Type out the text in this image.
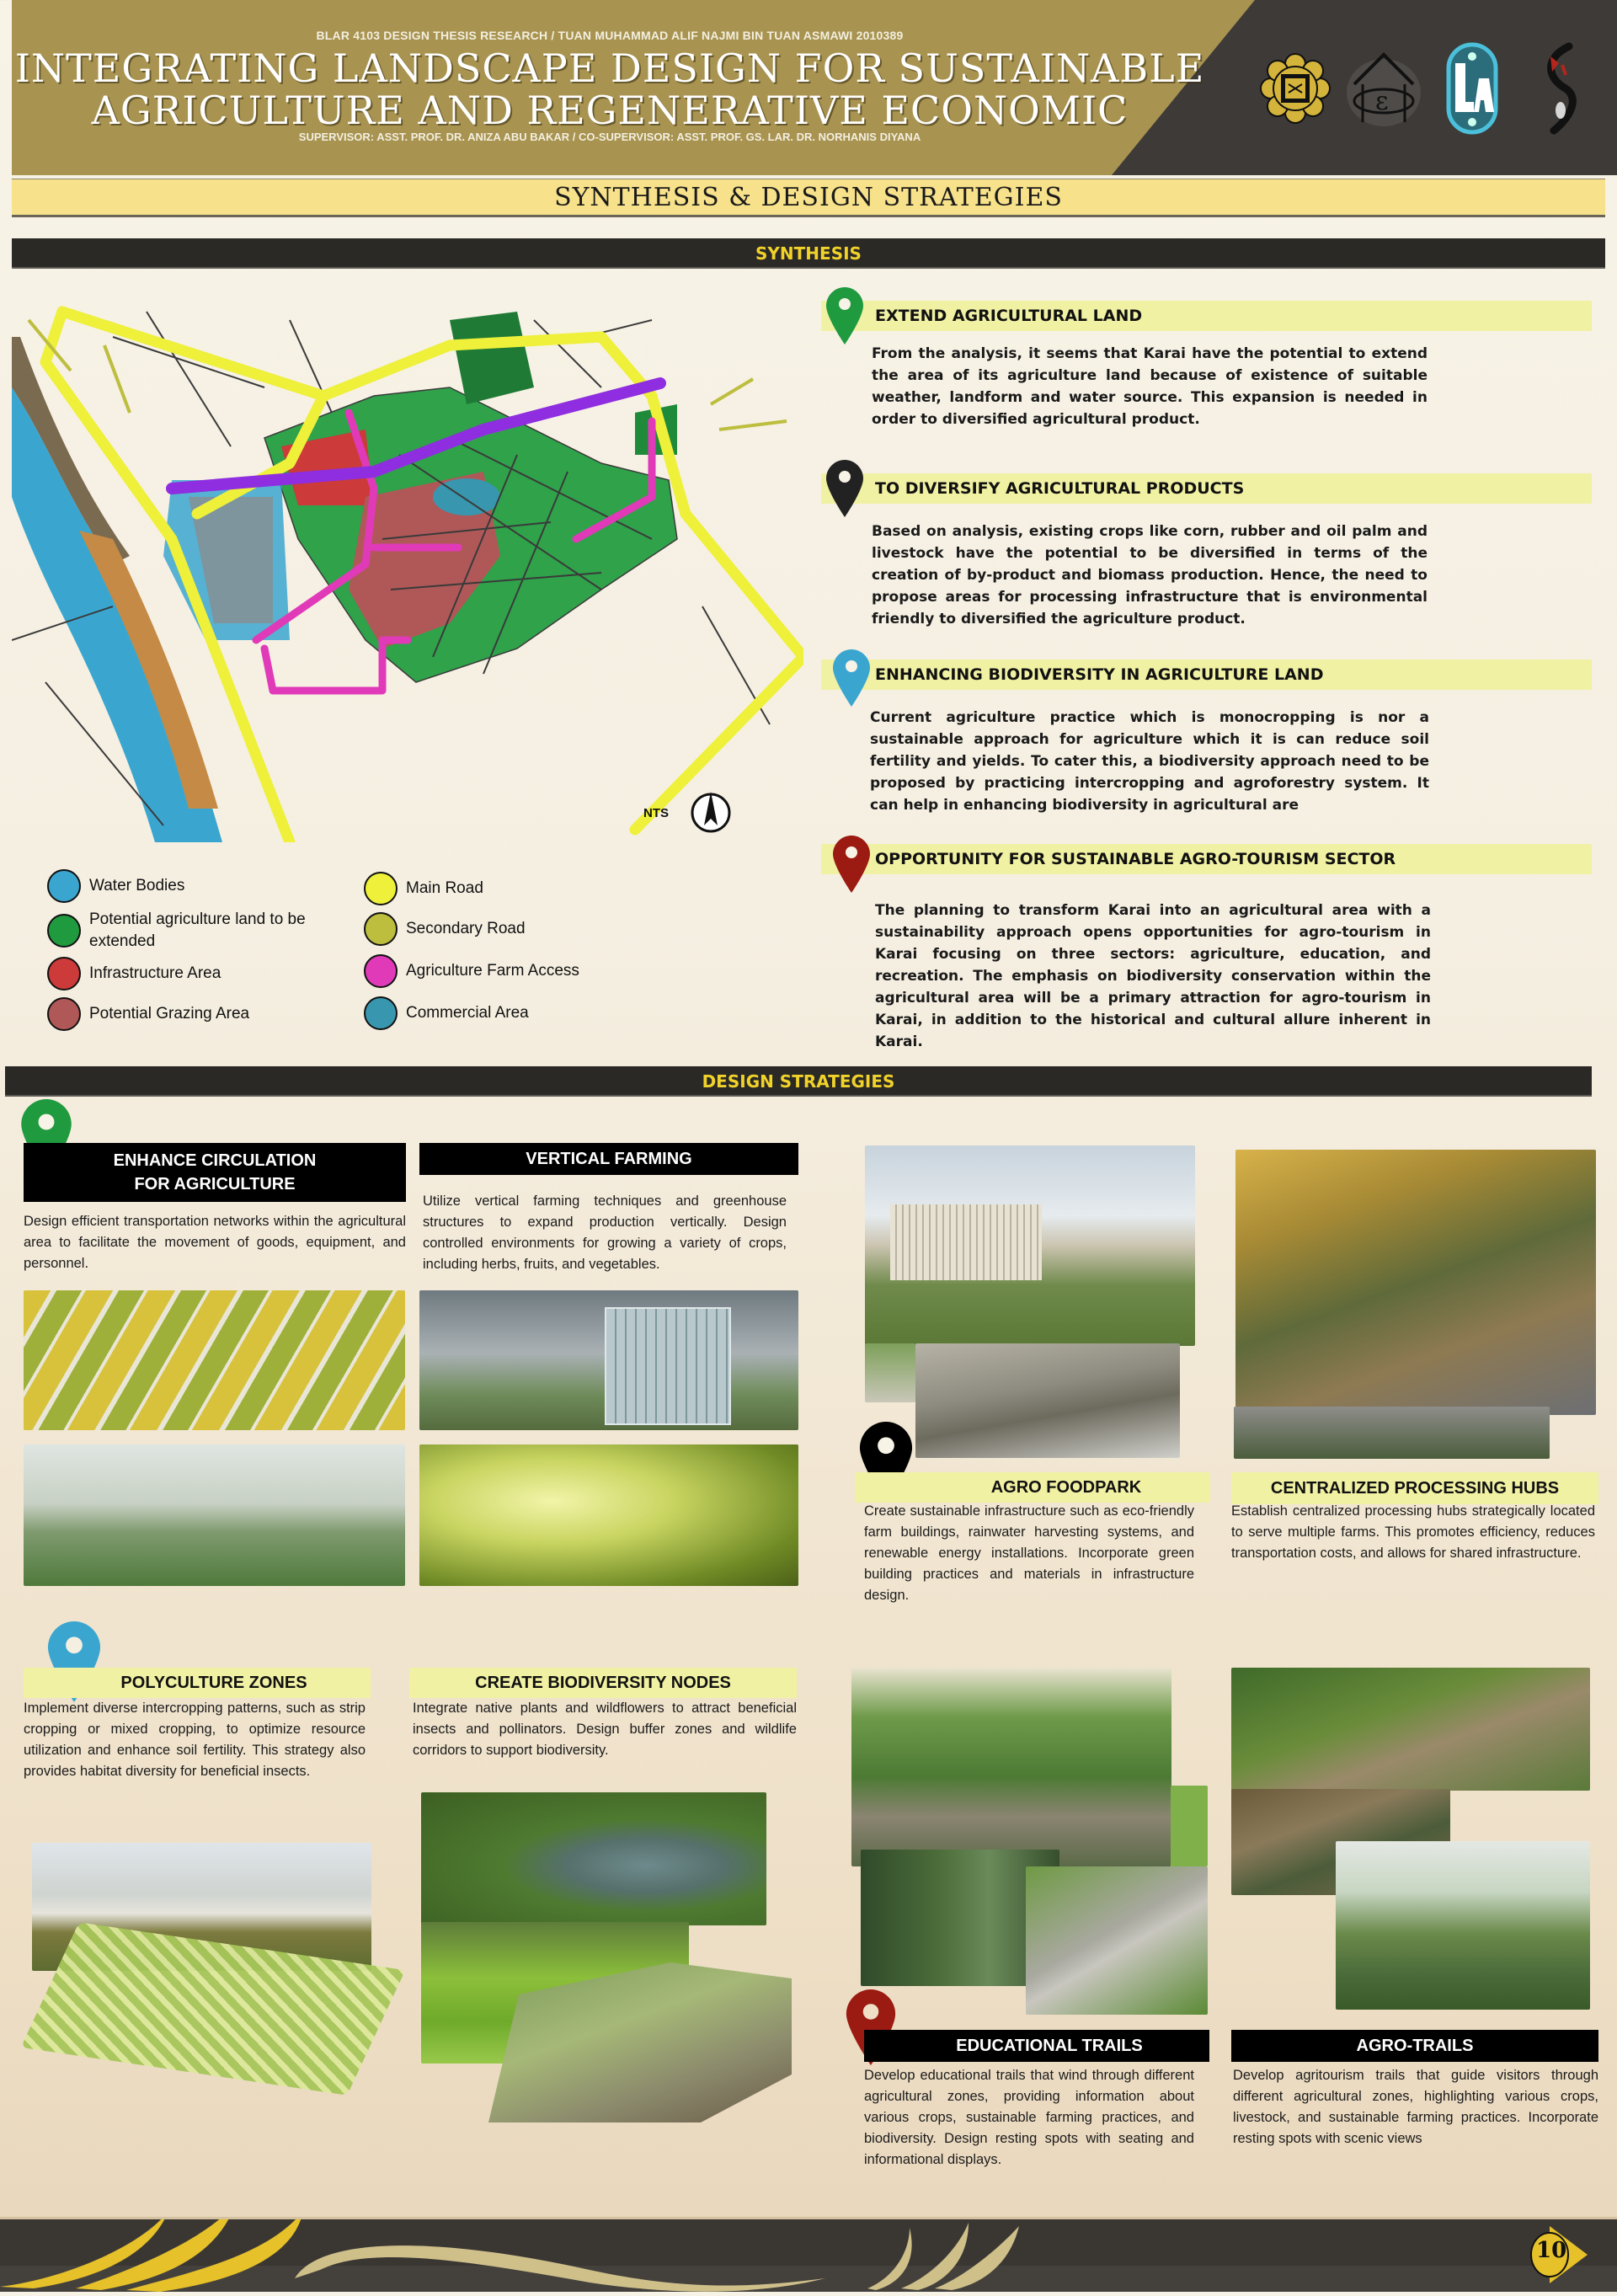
BLAR 4103 DESIGN THESIS RESEARCH / TUAN MUHAMMAD ALIF NAJMI BIN TUAN ASMAWI 2010389
INTEGRATING LANDSCAPE DESIGN FOR SUSTAINABLE
AGRICULTURE AND REGENERATIVE ECONOMIC
SUPERVISOR: ASST. PROF. DR. ANIZA ABU BAKAR / CO-SUPERVISOR: ASST. PROF. GS. LAR. DR. NORHANIS DIYANA
ε
SYNTHESIS & DESIGN STRATEGIES
SYNTHESIS
NTS
Water Bodies
Potential agriculture land to be extended
Infrastructure Area
Potential Grazing Area
Main Road
Secondary Road
Agriculture Farm Access
Commercial Area
EXTEND AGRICULTURAL LAND

From the analysis, it seems that Karai have the potential to extend the area of its agriculture land because of existence of suitable weather, landform and water source. This expansion is needed in order to diversified agricultural product.

TO DIVERSIFY AGRICULTURAL PRODUCTS

Based on analysis, existing crops like corn, rubber and oil palm and livestock have the potential to be diversified in terms of the creation of by-product and biomass production. Hence, the need to propose areas for processing infrastructure that is environmental friendly to diversified the agriculture product.

ENHANCING BIODIVERSITY IN AGRICULTURE LAND

Current agriculture practice which is monocropping is nor a sustainable approach for agriculture which it is can reduce soil fertility and yields. To cater this, a biodiversity approach need to be proposed by practicing intercropping and agroforestry system. It can help in enhancing biodiversity in agricultural are

OPPORTUNITY FOR SUSTAINABLE AGRO-TOURISM SECTOR

The planning to transform Karai into an agricultural area with a sustainability approach opens opportunities for agro-tourism in Karai focusing on three sectors: agriculture, education, and recreation. The emphasis on biodiversity conservation within the agricultural area will be a primary attraction for agro-tourism in Karai, in addition to the historical and cultural allure inherent in Karai.

DESIGN STRATEGIES
ENHANCE CIRCULATION
FOR AGRICULTURE

Design efficient transportation networks within the agricultural area to facilitate the movement of goods, equipment, and personnel.

VERTICAL FARMING

Utilize vertical farming techniques and greenhouse structures to expand production vertically. Design controlled environments for growing a variety of crops, including herbs, fruits, and vegetables.

AGRO FOODPARK

Create sustainable infrastructure such as eco-friendly farm buildings, rainwater harvesting systems, and renewable energy installations. Incorporate green building practices and materials in infrastructure design.

CENTRALIZED PROCESSING HUBS

Establish centralized processing hubs strategically located to serve multiple farms. This promotes efficiency, reduces transportation costs, and allows for shared infrastructure.

POLYCULTURE ZONES

Implement diverse intercropping patterns, such as strip cropping or mixed cropping, to optimize resource utilization and enhance soil fertility. This strategy also provides habitat diversity for beneficial insects.

CREATE BIODIVERSITY NODES

Integrate native plants and wildflowers to attract beneficial insects and pollinators. Design buffer zones and wildlife corridors to support biodiversity.

EDUCATIONAL TRAILS

Develop educational trails that wind through different agricultural zones, providing information about various crops, sustainable farming practices, and biodiversity. Design resting spots with seating and informational displays.

AGRO-TRAILS

Develop agritourism trails that guide visitors through different agricultural zones, highlighting various crops, livestock, and sustainable farming practices. Incorporate resting spots with scenic views

10
